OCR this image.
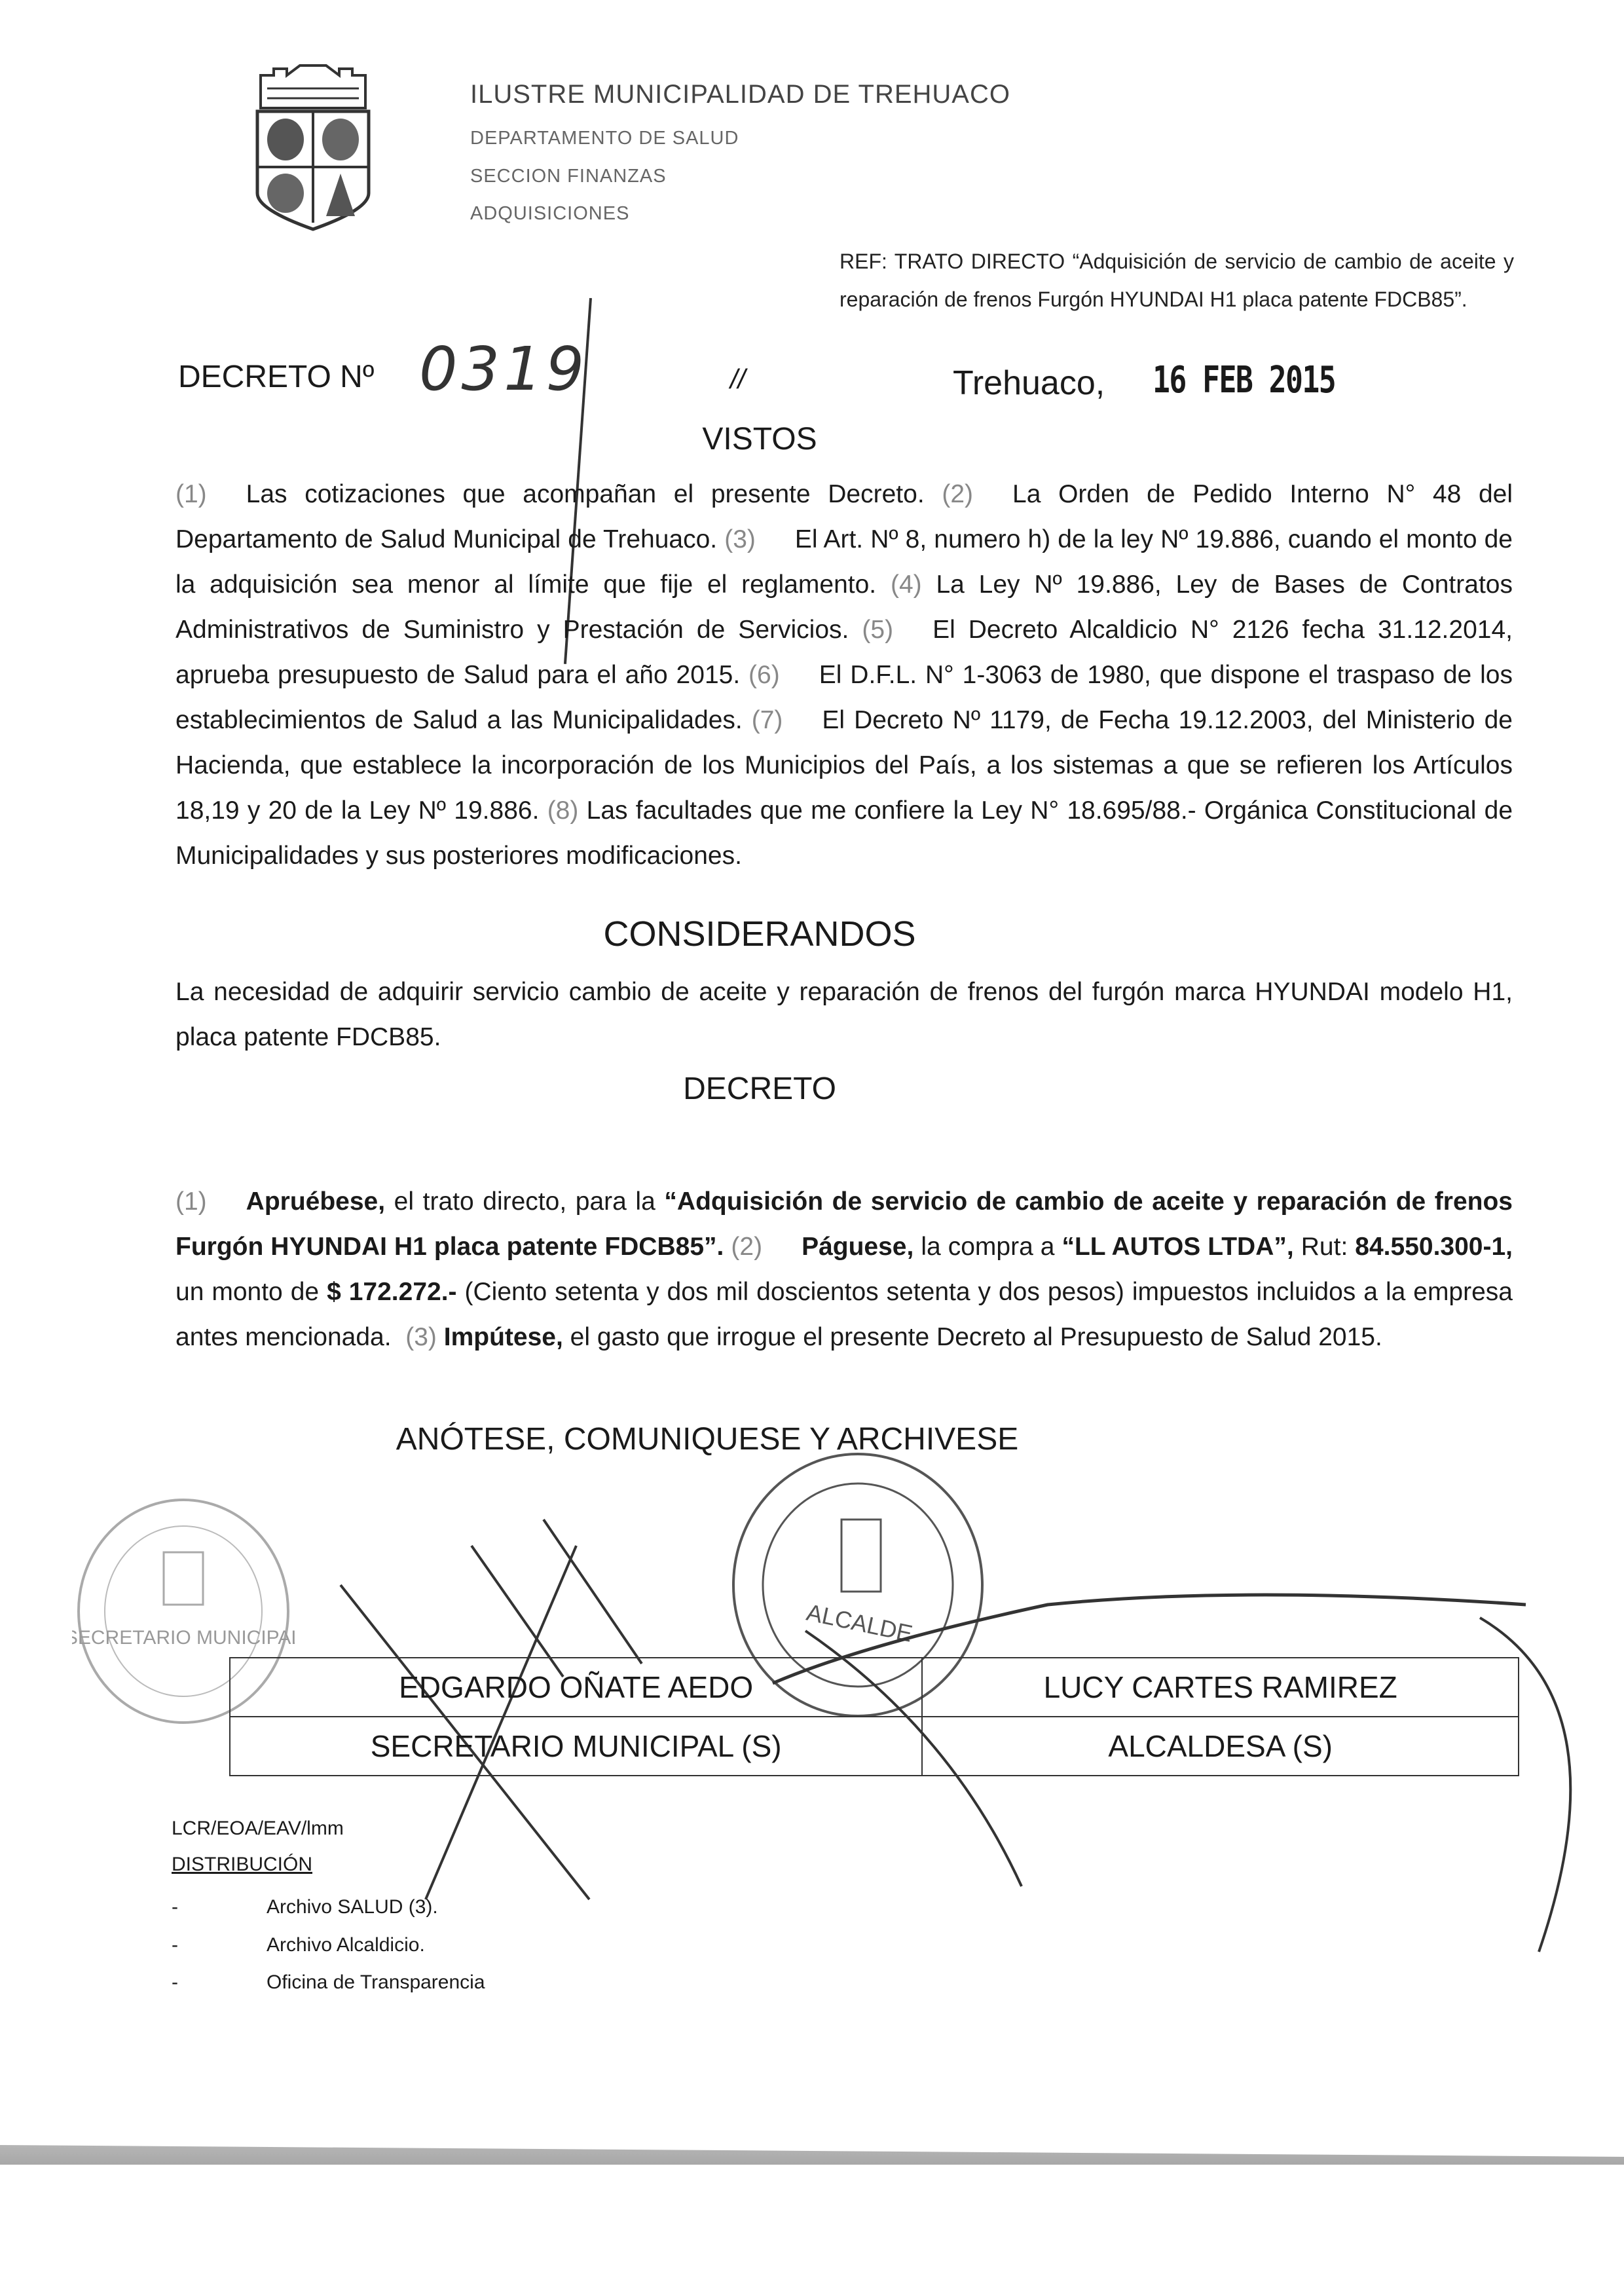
ILUSTRE MUNICIPALIDAD DE TREHUACO
DEPARTAMENTO DE SALUD
SECCION FINANZAS
ADQUISICIONES
REF: TRATO DIRECTO “Adquisición de servicio de cambio de aceite y reparación de frenos Furgón HYUNDAI H1 placa patente FDCB85”.
DECRETO Nº 0319	//	Trehuaco, 16 FEB 2015
VISTOS
(1) Las cotizaciones que acompañan el presente Decreto. (2) La Orden de Pedido Interno N° 48 del Departamento de Salud Municipal de Trehuaco. (3) El Art. Nº 8, numero h) de la ley Nº 19.886, cuando el monto de la adquisición sea menor al límite que fije el reglamento. (4) La Ley Nº 19.886, Ley de Bases de Contratos Administrativos de Suministro y Prestación de Servicios. (5) El Decreto Alcaldicio N° 2126 fecha 31.12.2014, aprueba presupuesto de Salud para el año 2015. (6) El D.F.L. N° 1-3063 de 1980, que dispone el traspaso de los establecimientos de Salud a las Municipalidades. (7) El Decreto Nº 1179, de Fecha 19.12.2003, del Ministerio de Hacienda, que establece la incorporación de los Municipios del País, a los sistemas a que se refieren los Artículos 18,19 y 20 de la Ley Nº 19.886. (8) Las facultades que me confiere la Ley N° 18.695/88.- Orgánica Constitucional de Municipalidades y sus posteriores modificaciones.
CONSIDERANDOS
La necesidad de adquirir servicio cambio de aceite y reparación de frenos del furgón marca HYUNDAI modelo H1, placa patente FDCB85.
DECRETO
(1) Apruébese, el trato directo, para la “Adquisición de servicio de cambio de aceite y reparación de frenos Furgón HYUNDAI H1 placa patente FDCB85”. (2) Páguese, la compra a “LL AUTOS LTDA”, Rut: 84.550.300-1, un monto de $ 172.272.- (Ciento setenta y dos mil doscientos setenta y dos pesos) impuestos incluidos a la empresa antes mencionada. (3) Impútese, el gasto que irrogue el presente Decreto al Presupuesto de Salud 2015.
ANÓTESE, COMUNIQUESE Y ARCHIVESE
SECRETARIO MUNICIPAL	ALCALDE
EDGARDO OÑATE AEDO	LUCY CARTES RAMIREZ
SECRETARIO MUNICIPAL (S)	ALCALDESA (S)
LCR/EOA/EAV/lmm
DISTRIBUCIÓN
-	Archivo SALUD (3).
-	Archivo Alcaldicio.
-	Oficina de Transparencia
